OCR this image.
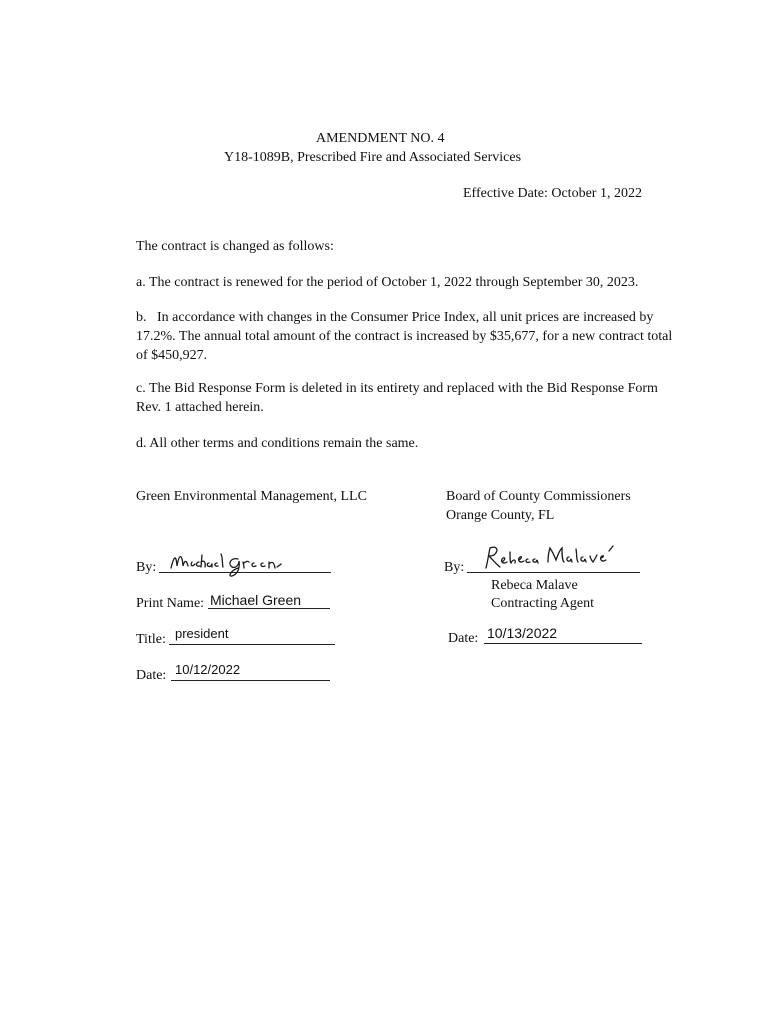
AMENDMENT NO. 4
Y18-1089B, Prescribed Fire and Associated Services
Effective Date: October 1, 2022
The contract is changed as follows:
a. The contract is renewed for the period of October 1, 2022 through September 30, 2023.
b.   In accordance with changes in the Consumer Price Index, all unit prices are increased by 17.2%. The annual total amount of the contract is increased by $35,677, for a new contract total of $450,927.
c. The Bid Response Form is deleted in its entirety and replaced with the Bid Response Form Rev. 1 attached herein.
d. All other terms and conditions remain the same.
Green Environmental Management, LLC
By:
Print Name: Michael Green
Title: president
Date: 10/12/2022
Board of County Commissioners
Orange County, FL
By:
Rebeca Malave
Contracting Agent
Date: 10/13/2022
